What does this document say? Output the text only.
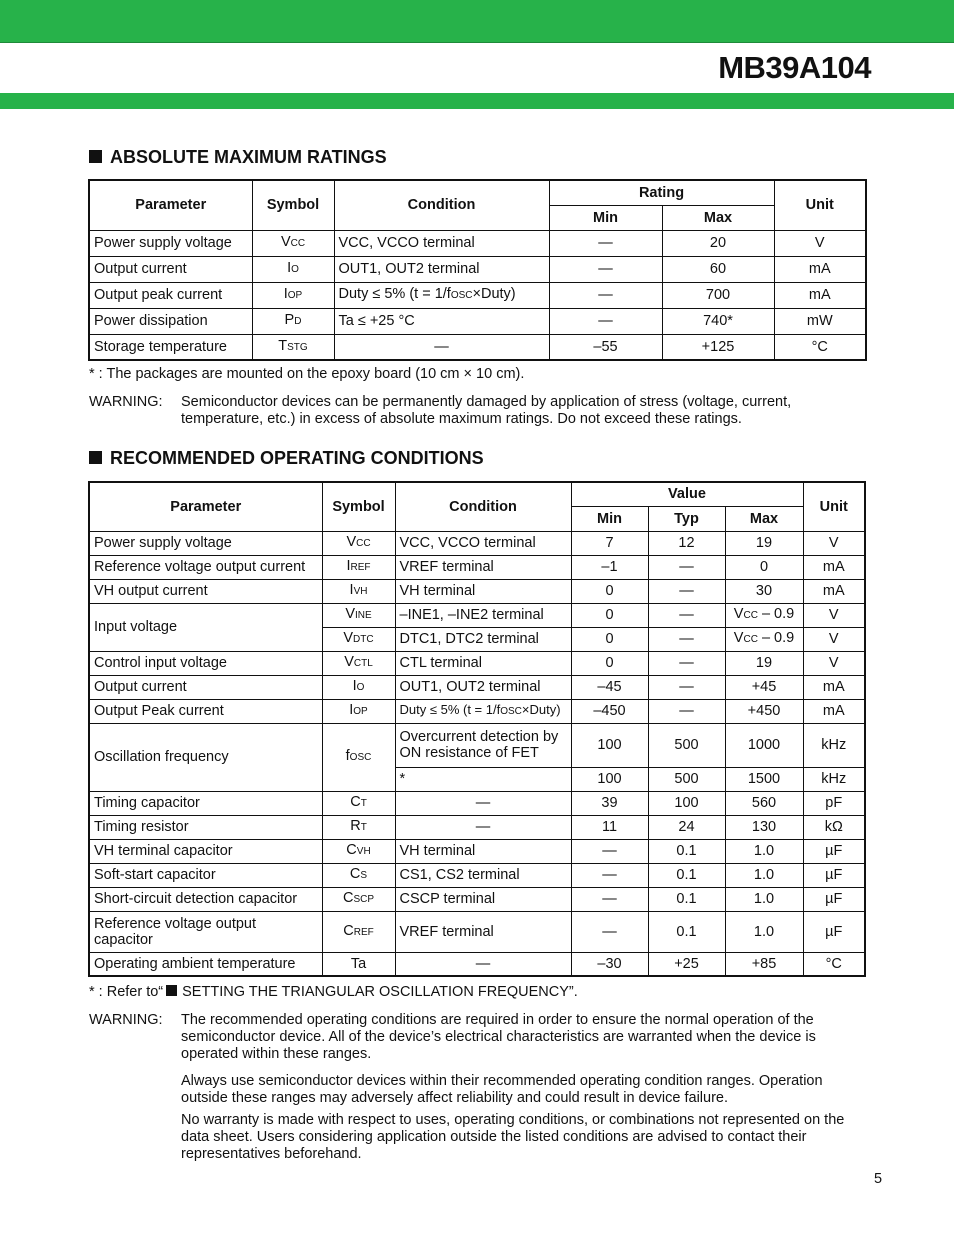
MB39A104
ABSOLUTE MAXIMUM RATINGS
Parameter	Symbol	Condition	Rating		Unit
			Min	Max	
Power supply voltage	VCC	VCC, VCCO terminal	—	20	V
Output current	IO	OUT1, OUT2 terminal	—	60	mA
Output peak current	IOP	Duty ≤ 5% (t = 1/fOSC×Duty)	—	700	mA
Power dissipation	PD	Ta ≤ +25 °C	—	740*	mW
Storage temperature	TSTG	—	–55	+125	°C
* : The packages are mounted on the epoxy board (10 cm × 10 cm).
WARNING: Semiconductor devices can be permanently damaged by application of stress (voltage, current, temperature, etc.) in excess of absolute maximum ratings. Do not exceed these ratings.
RECOMMENDED OPERATING CONDITIONS
Parameter	Symbol	Condition	Value			Unit
			Min	Typ	Max	
Power supply voltage	VCC	VCC, VCCO terminal	7	12	19	V
Reference voltage output current	IREF	VREF terminal	–1	—	0	mA
VH output current	IVH	VH terminal	0	—	30	mA
Input voltage	VINE	–INE1, –INE2 terminal	0	—	VCC – 0.9	V
	VDTC	DTC1, DTC2 terminal	0	—	VCC – 0.9	V
Control input voltage	VCTL	CTL terminal	0	—	19	V
Output current	IO	OUT1, OUT2 terminal	–45	—	+45	mA
Output Peak current	IOP	Duty ≤ 5% (t = 1/fOSC×Duty)	–450	—	+450	mA
Oscillation frequency	fOSC	Overcurrent detection by ON resistance of FET	100	500	1000	kHz
		*	100	500	1500	kHz
Timing capacitor	CT	—	39	100	560	pF
Timing resistor	RT	—	11	24	130	kΩ
VH terminal capacitor	CVH	VH terminal	—	0.1	1.0	µF
Soft-start capacitor	CS	CS1, CS2 terminal	—	0.1	1.0	µF
Short-circuit detection capacitor	CSCP	CSCP terminal	—	0.1	1.0	µF
Reference voltage output capacitor	CREF	VREF terminal	—	0.1	1.0	µF
Operating ambient temperature	Ta	—	–30	+25	+85	°C
* : Refer to“ SETTING THE TRIANGULAR OSCILLATION FREQUENCY”.
WARNING: The recommended operating conditions are required in order to ensure the normal operation of the semiconductor device. All of the device’s electrical characteristics are warranted when the device is operated within these ranges.
Always use semiconductor devices within their recommended operating condition ranges. Operation outside these ranges may adversely affect reliability and could result in device failure.
No warranty is made with respect to uses, operating conditions, or combinations not represented on the data sheet. Users considering application outside the listed conditions are advised to contact their representatives beforehand.
5
